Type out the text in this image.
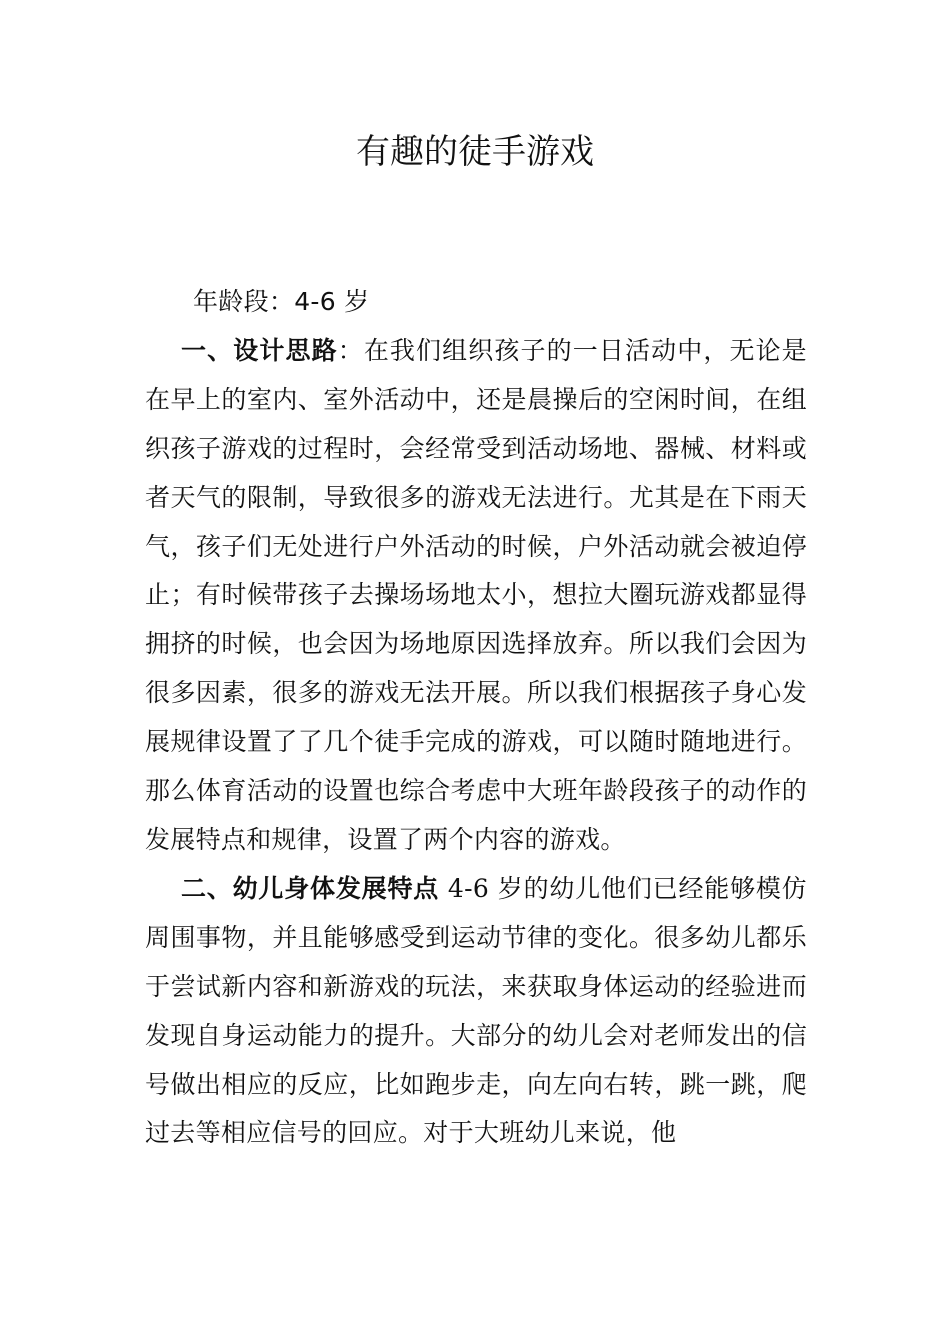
有趣的徒手游戏

年龄段：4-6 岁

一、设计思路：在我们组织孩子的一日活动中，无论是在早上的室内、室外活动中，还是晨操后的空闲时间，在组织孩子游戏的过程时，会经常受到活动场地、器械、材料或者天气的限制，导致很多的游戏无法进行。尤其是在下雨天气，孩子们无处进行户外活动的时候，户外活动就会被迫停止；有时候带孩子去操场场地太小，想拉大圈玩游戏都显得拥挤的时候，也会因为场地原因选择放弃。所以我们会因为很多因素，很多的游戏无法开展。所以我们根据孩子身心发展规律设置了了几个徒手完成的游戏，可以随时随地进行。那么体育活动的设置也综合考虑中大班年龄段孩子的动作的发展特点和规律，设置了两个内容的游戏。

二、幼儿身体发展特点 4-6 岁的幼儿他们已经能够模仿周围事物，并且能够感受到运动节律的变化。很多幼儿都乐于尝试新内容和新游戏的玩法，来获取身体运动的经验进而发现自身运动能力的提升。大部分的幼儿会对老师发出的信号做出相应的反应，比如跑步走，向左向右转，跳一跳，爬过去等相应信号的回应。对于大班幼儿来说，他
